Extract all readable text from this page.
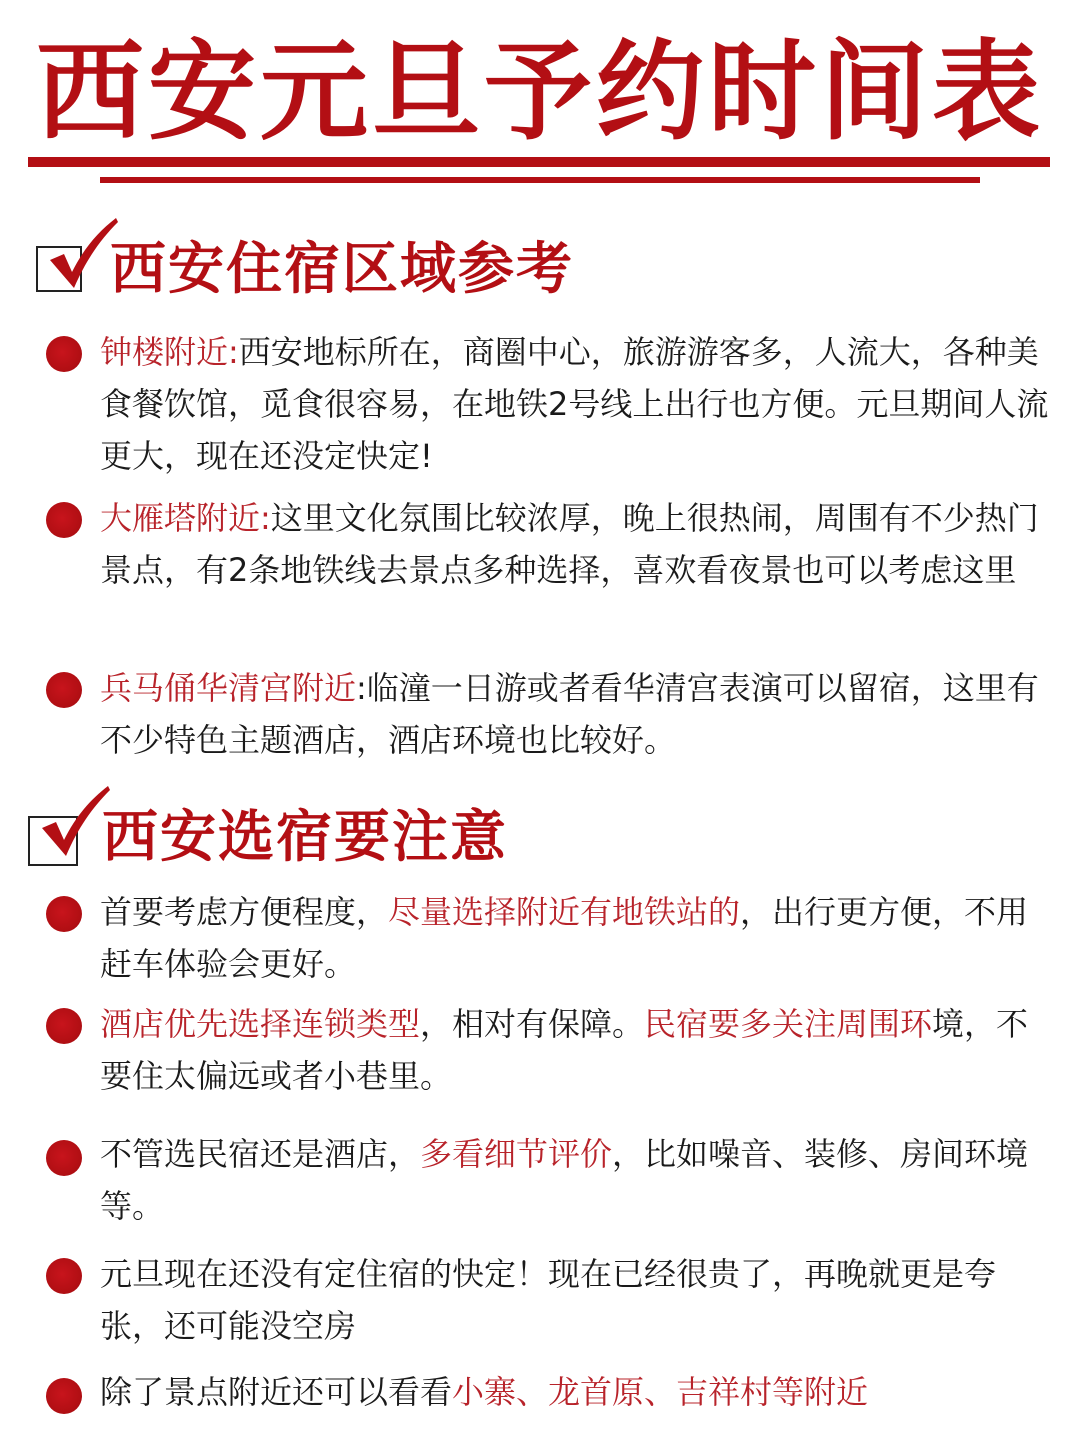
西安元旦予约时间表
西安住宿区域参考
钟楼附近:西安地标所在，商圈中心，旅游游客多，人流大，各种美食餐饮馆，觅食很容易，在地铁2号线上出行也方便。元旦期间人流更大，现在还没定快定!
大雁塔附近:这里文化氛围比较浓厚，晚上很热闹，周围有不少热门景点，有2条地铁线去景点多种选择，喜欢看夜景也可以考虑这里
兵马俑华清宫附近:临潼一日游或者看华清宫表演可以留宿，这里有不少特色主题酒店，酒店环境也比较好。
西安选宿要注意
首要考虑方便程度，尽量选择附近有地铁站的，出行更方便，不用赶车体验会更好。
酒店优先选择连锁类型，相对有保障。民宿要多关注周围环境，不要住太偏远或者小巷里。
不管选民宿还是酒店，多看细节评价，比如噪音、装修、房间环境等。
元旦现在还没有定住宿的快定！现在已经很贵了，再晚就更是夸张，还可能没空房
除了景点附近还可以看看小寨、龙首原、吉祥村等附近
